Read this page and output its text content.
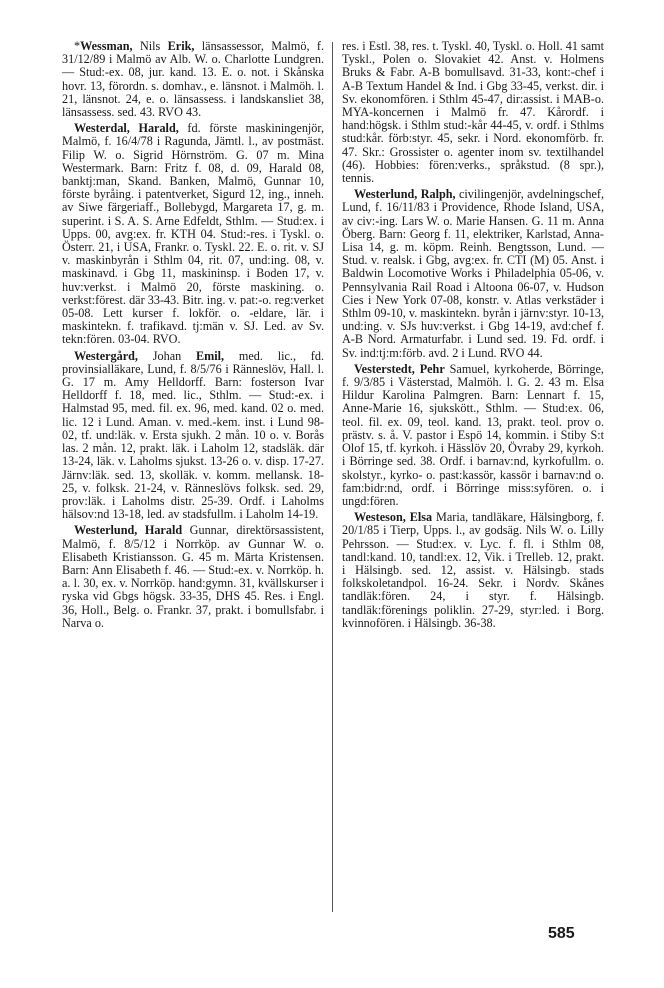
*Wessman, Nils Erik, länsassessor, Malmö, f. 31/12/89 i Malmö av Alb. W. o. Charlotte Lundgren. — Stud:-ex. 08, jur. kand. 13. E. o. not. i Skånska hovr. 13, förordn. s. domhav., e. länsnot. i Malmöh. l. 21, länsnot. 24, e. o. länsassess. i landskansliet 38, länsassess. sed. 43. RVO 43.

Westerdal, Harald, fd. förste maskiningenjör, Malmö, f. 16/4/78 i Ragunda, Jämtl. l., av postmäst. Filip W. o. Sigrid Hörnström. G. 07 m. Mina Westermark. Barn: Fritz f. 08, d. 09, Harald 08, banktj:man, Skand. Banken, Malmö, Gunnar 10, förste byråing. i patentverket, Sigurd 12, ing., inneh. av Siwe färgeriaff., Bollebygd, Margareta 17, g. m. superint. i S. A. S. Arne Edfeldt, Sthlm. — Stud:ex. i Upps. 00, avg:ex. fr. KTH 04. Stud:-res. i Tyskl. o. Österr. 21, i USA, Frankr. o. Tyskl. 22. E. o. rit. v. SJ v. maskinbyrån i Sthlm 04, rit. 07, und:ing. 08, v. maskinavd. i Gbg 11, maskininsp. i Boden 17, v. huv:verkst. i Malmö 20, förste maskining. o. verkst:förest. där 33-43. Bitr. ing. v. pat:-o. reg:verket 05-08. Lett kurser f. lokför. o. -eldare, lär. i maskintekn. f. trafikavd. tj:män v. SJ. Led. av Sv. tekn:fören. 03-04. RVO.

Westergård, Johan Emil, med. lic., fd. provinsialläkare, Lund, f. 8/5/76 i Ränneslöv, Hall. l. G. 17 m. Amy Helldorff. Barn: fosterson Ivar Helldorff f. 18, med. lic., Sthlm. — Stud:-ex. i Halmstad 95, med. fil. ex. 96, med. kand. 02 o. med. lic. 12 i Lund. Aman. v. med.-kem. inst. i Lund 98-02, tf. und:läk. v. Ersta sjukh. 2 mån. 10 o. v. Borås las. 2 mån. 12, prakt. läk. i Laholm 12, stadsläk. där 13-24, läk. v. Laholms sjukst. 13-26 o. v. disp. 17-27. Järnv:läk. sed. 13, skolläk. v. komm. mellansk. 18-25, v. folksk. 21-24, v. Ränneslövs folksk. sed. 29, prov:läk. i Laholms distr. 25-39. Ordf. i Laholms hälsov:nd 13-18, led. av stadsfullm. i Laholm 14-19.

Westerlund, Harald Gunnar, direktörsassistent, Malmö, f. 8/5/12 i Norrköp. av Gunnar W. o. Elisabeth Kristiansson. G. 45 m. Märta Kristensen. Barn: Ann Elisabeth f. 46. — Stud:-ex. v. Norrköp. h. a. l. 30, ex. v. Norrköp. hand:gymn. 31, kvällskurser i ryska vid Gbgs högsk. 33-35, DHS 45. Res. i Engl. 36, Holl., Belg. o. Frankr. 37, prakt. i bomullsfabr. i Narva o.

res. i Estl. 38, res. t. Tyskl. 40, Tyskl. o. Holl. 41 samt Tyskl., Polen o. Slovakiet 42. Anst. v. Holmens Bruks & Fabr. A-B bomullsavd. 31-33, kont:-chef i A-B Textum Handel & Ind. i Gbg 33-45, verkst. dir. i Sv. ekonomfören. i Sthlm 45-47, dir:assist. i MAB-o. MYA-koncernen i Malmö fr. 47. Kårordf. i hand:högsk. i Sthlm stud:-kår 44-45, v. ordf. i Sthlms stud:kår. förb:styr. 45, sekr. i Nord. ekonomförb. fr. 47. Skr.: Grossister o. agenter inom sv. textilhandel (46). Hobbies: fören:verks., språkstud. (8 spr.), tennis.

Westerlund, Ralph, civilingenjör, avdelningschef, Lund, f. 16/11/83 i Providence, Rhode Island, USA, av civ:-ing. Lars W. o. Marie Hansen. G. 11 m. Anna Öberg. Barn: Georg f. 11, elektriker, Karlstad, Anna-Lisa 14, g. m. köpm. Reinh. Bengtsson, Lund. — Stud. v. realsk. i Gbg, avg:ex. fr. CTI (M) 05. Anst. i Baldwin Locomotive Works i Philadelphia 05-06, v. Pennsylvania Rail Road i Altoona 06-07, v. Hudson Cies i New York 07-08, konstr. v. Atlas verkstäder i Sthlm 09-10, v. maskintekn. byrån i järnv:styr. 10-13, und:ing. v. SJs huv:verkst. i Gbg 14-19, avd:chef f. A-B Nord. Armaturfabr. i Lund sed. 19. Fd. ordf. i Sv. ind:tj:m:förb. avd. 2 i Lund. RVO 44.

Vesterstedt, Pehr Samuel, kyrkoherde, Börringe, f. 9/3/85 i Västerstad, Malmöh. l. G. 2. 43 m. Elsa Hildur Karolina Palmgren. Barn: Lennart f. 15, Anne-Marie 16, sjukskött., Sthlm. — Stud:ex. 06, teol. fil. ex. 09, teol. kand. 13, prakt. teol. prov o. prästv. s. å. V. pastor i Espö 14, kommin. i Stiby S:t Olof 15, tf. kyrkoh. i Hässlöv 20, Övraby 29, kyrkoh. i Börringe sed. 38. Ordf. i barnav:nd, kyrkofullm. o. skolstyr., kyrko- o. past:kassör, kassör i barnav:nd o. fam:bidr:nd, ordf. i Börringe miss:syfören. o. i ungd:fören.

Westeson, Elsa Maria, tandläkare, Hälsingborg, f. 20/1/85 i Tierp, Upps. l., av godsäg. Nils W. o. Lilly Pehrsson. — Stud:ex. v. Lyc. f. fl. i Sthlm 08, tandl:kand. 10, tandl:ex. 12, Vik. i Trelleb. 12, prakt. i Hälsingb. sed. 12, assist. v. Hälsingb. stads folkskoletandpol. 16-24. Sekr. i Nordv. Skånes tandläk:fören. 24, i styr. f. Hälsingb. tandläk:förenings poliklin. 27-29, styr:led. i Borg. kvinnofören. i Hälsingb. 36-38.

585
